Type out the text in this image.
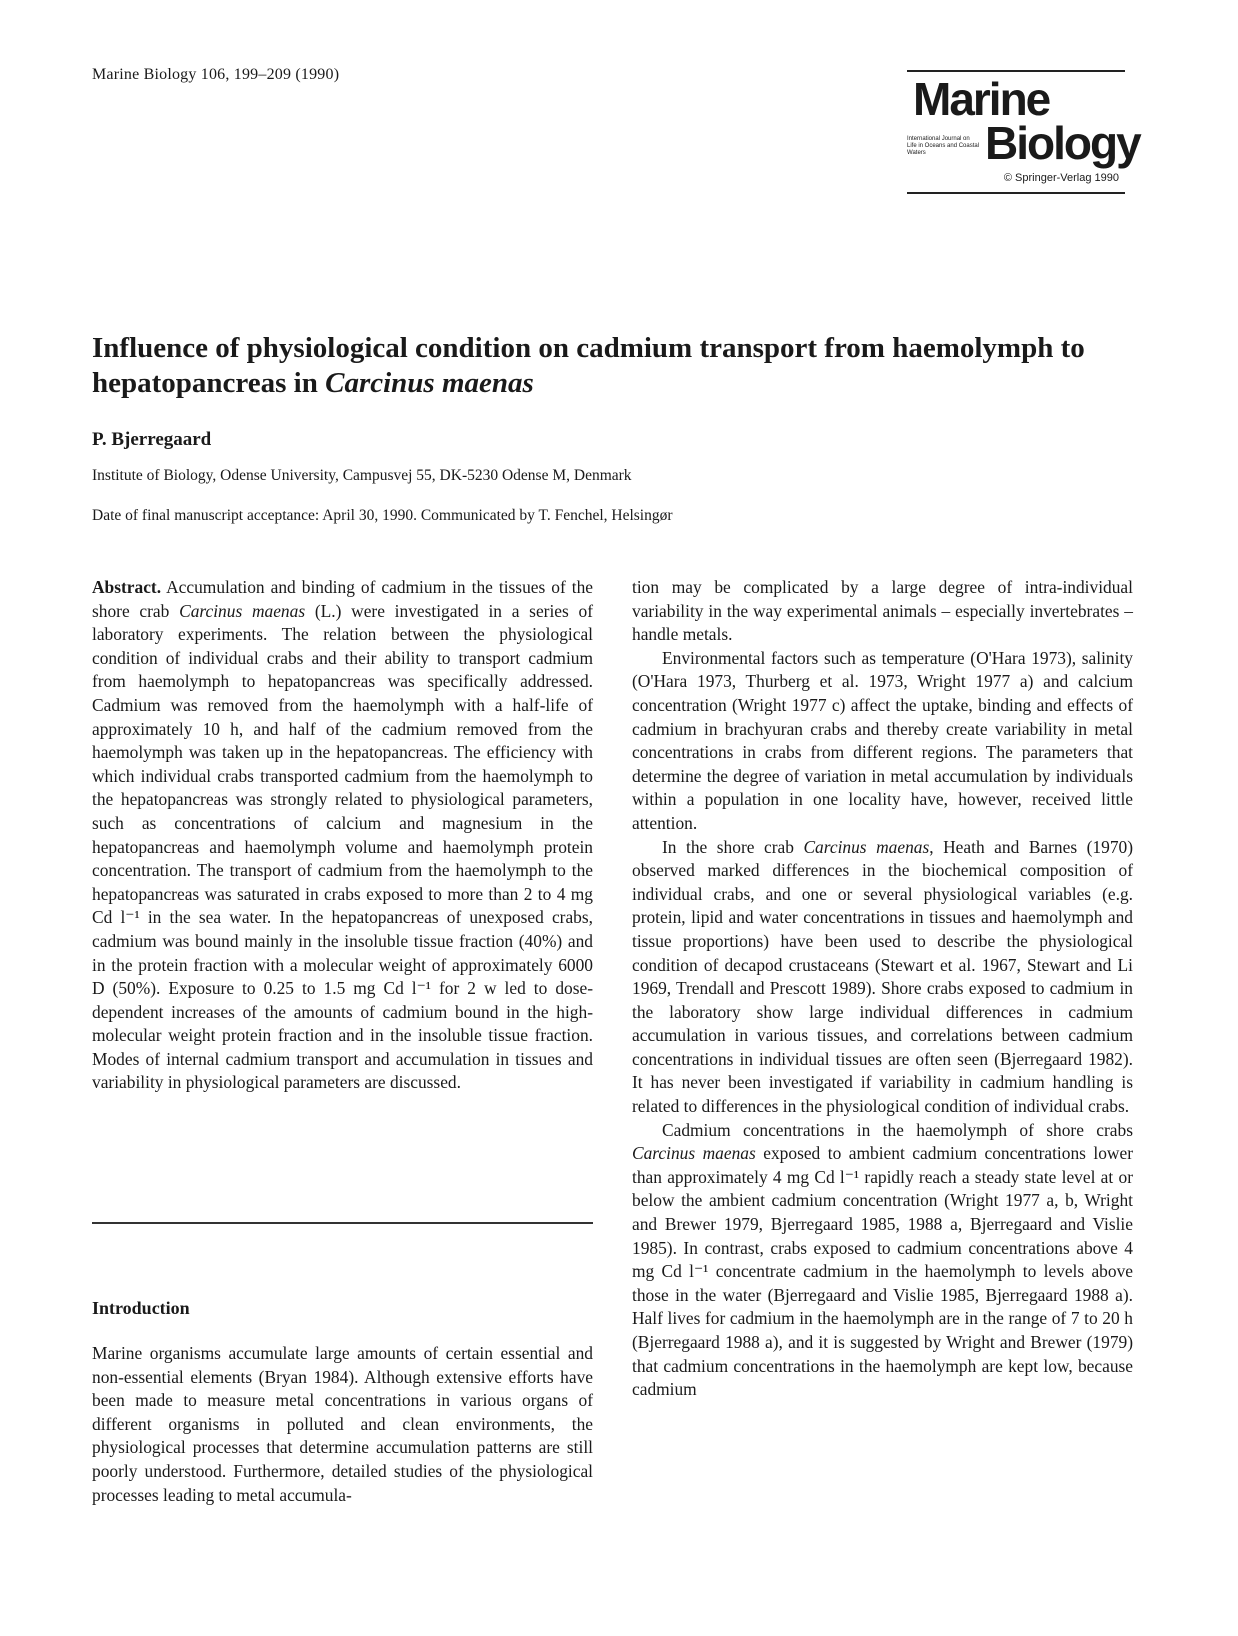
Marine Biology 106, 199–209 (1990)	Marine
International Journal on Life in Oceans and Coastal Waters	Biology
© Springer-Verlag 1990
Influence of physiological condition on cadmium transport from haemolymph to hepatopancreas in Carcinus maenas
P. Bjerregaard
Institute of Biology, Odense University, Campusvej 55, DK-5230 Odense M, Denmark
Date of final manuscript acceptance: April 30, 1990. Communicated by T. Fenchel, Helsingør

Abstract. Accumulation and binding of cadmium in the tissues of the shore crab Carcinus maenas (L.) were investigated in a series of laboratory experiments. The relation between the physiological condition of individual crabs and their ability to transport cadmium from haemolymph to hepatopancreas was specifically addressed. Cadmium was removed from the haemolymph with a half-life of approximately 10 h, and half of the cadmium removed from the haemolymph was taken up in the hepatopancreas. The efficiency with which individual crabs transported cadmium from the haemolymph to the hepatopancreas was strongly related to physiological parameters, such as concentrations of calcium and magnesium in the hepatopancreas and haemolymph volume and haemolymph protein concentration. The transport of cadmium from the haemolymph to the hepatopancreas was saturated in crabs exposed to more than 2 to 4 mg Cd l⁻¹ in the sea water. In the hepatopancreas of unexposed crabs, cadmium was bound mainly in the insoluble tissue fraction (40%) and in the protein fraction with a molecular weight of approximately 6000 D (50%). Exposure to 0.25 to 1.5 mg Cd l⁻¹ for 2 w led to dose-dependent increases of the amounts of cadmium bound in the high-molecular weight protein fraction and in the insoluble tissue fraction. Modes of internal cadmium transport and accumulation in tissues and variability in physiological parameters are discussed.

Introduction

Marine organisms accumulate large amounts of certain essential and non-essential elements (Bryan 1984). Although extensive efforts have been made to measure metal concentrations in various organs of different organisms in polluted and clean environments, the physiological processes that determine accumulation patterns are still poorly understood. Furthermore, detailed studies of the physiological processes leading to metal accumula-

tion may be complicated by a large degree of intra-individual variability in the way experimental animals – especially invertebrates – handle metals.

Environmental factors such as temperature (O'Hara 1973), salinity (O'Hara 1973, Thurberg et al. 1973, Wright 1977 a) and calcium concentration (Wright 1977 c) affect the uptake, binding and effects of cadmium in brachyuran crabs and thereby create variability in metal concentrations in crabs from different regions. The parameters that determine the degree of variation in metal accumulation by individuals within a population in one locality have, however, received little attention.

In the shore crab Carcinus maenas, Heath and Barnes (1970) observed marked differences in the biochemical composition of individual crabs, and one or several physiological variables (e.g. protein, lipid and water concentrations in tissues and haemolymph and tissue proportions) have been used to describe the physiological condition of decapod crustaceans (Stewart et al. 1967, Stewart and Li 1969, Trendall and Prescott 1989). Shore crabs exposed to cadmium in the laboratory show large individual differences in cadmium accumulation in various tissues, and correlations between cadmium concentrations in individual tissues are often seen (Bjerregaard 1982). It has never been investigated if variability in cadmium handling is related to differences in the physiological condition of individual crabs.

Cadmium concentrations in the haemolymph of shore crabs Carcinus maenas exposed to ambient cadmium concentrations lower than approximately 4 mg Cd l⁻¹ rapidly reach a steady state level at or below the ambient cadmium concentration (Wright 1977 a, b, Wright and Brewer 1979, Bjerregaard 1985, 1988 a, Bjerregaard and Vislie 1985). In contrast, crabs exposed to cadmium concentrations above 4 mg Cd l⁻¹ concentrate cadmium in the haemolymph to levels above those in the water (Bjerregaard and Vislie 1985, Bjerregaard 1988 a). Half lives for cadmium in the haemolymph are in the range of 7 to 20 h (Bjerregaard 1988 a), and it is suggested by Wright and Brewer (1979) that cadmium concentrations in the haemolymph are kept low, because cadmium
